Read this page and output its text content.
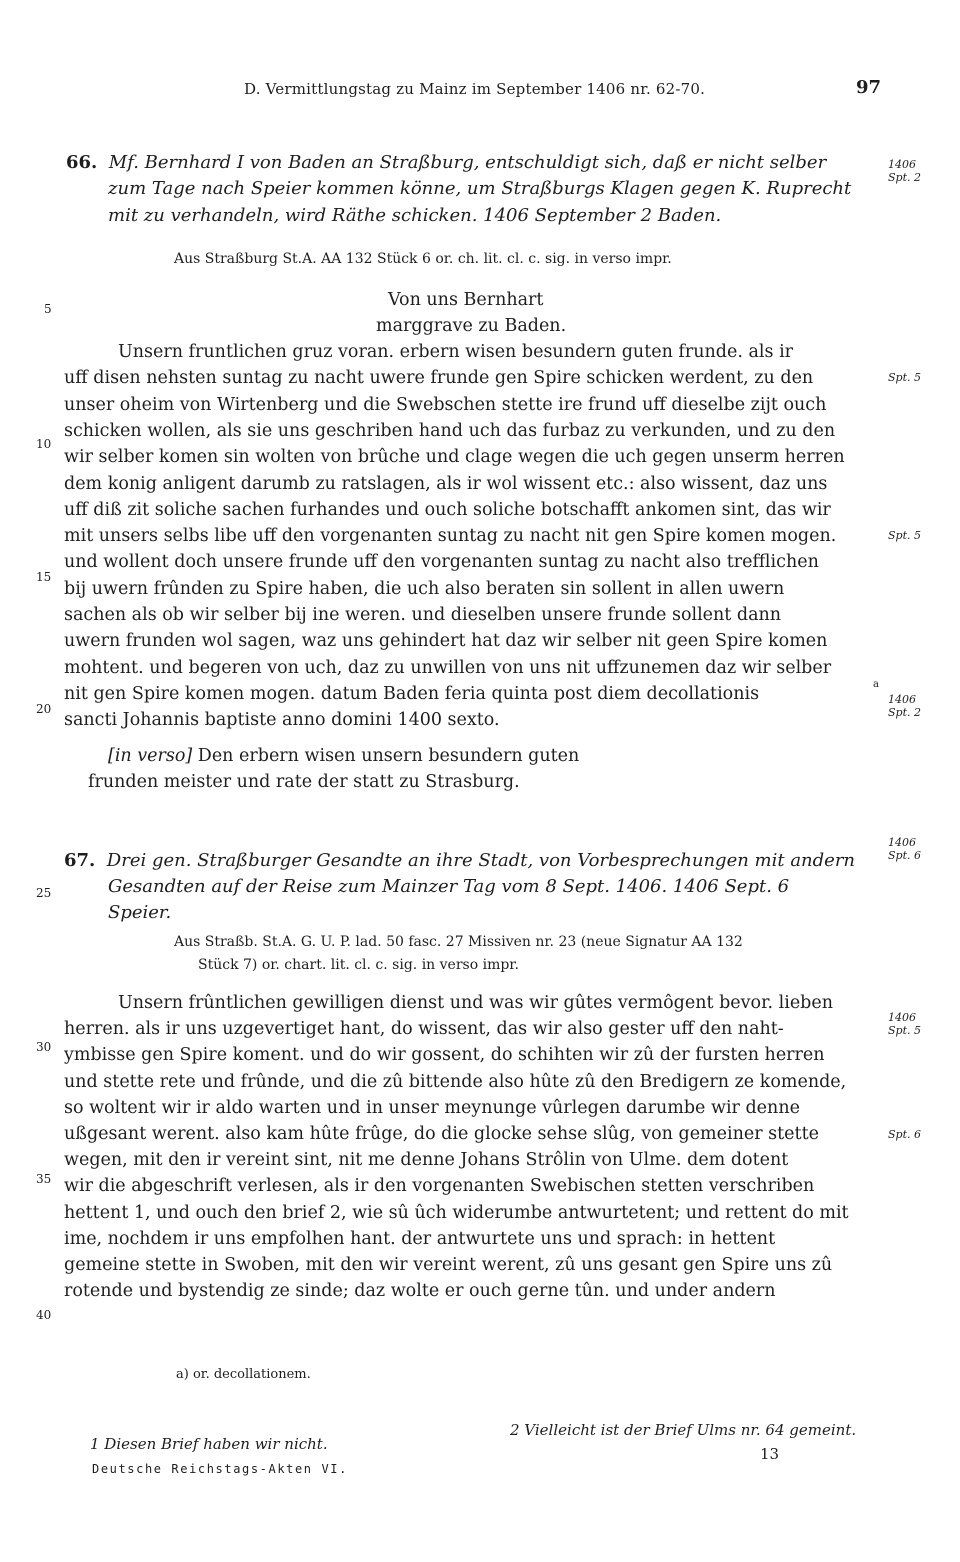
D. Vermittlungstag zu Mainz im September 1406 nr. 62-70.	97
66. Mf. Bernhard I von Baden an Straßburg, entschuldigt sich, daß er nicht selber
zum Tage nach Speier kommen könne, um Straßburgs Klagen gegen K. Ruprecht
mit zu verhandeln, wird Räthe schicken. 1406 September 2 Baden.
Aus Straßburg St.A. AA 132 Stück 6 or. ch. lit. cl. c. sig. in verso impr.
Von uns Bernhart
marggrave zu Baden.
Unsern fruntlichen gruz voran. erbern wisen besundern guten frunde. als ir
uff disen nehsten suntag zu nacht uwere frunde gen Spire schicken werdent, zu den
unser oheim von Wirtenberg und die Swebschen stette ire frund uff dieselbe zijt ouch
schicken wollen, als sie uns geschriben hand uch das furbaz zu verkunden, und zu den
wir selber komen sin wolten von brûche und clage wegen die uch gegen unserm herren
dem konig anligent darumb zu ratslagen, als ir wol wissent etc.: also wissent, daz uns
uff diß zit soliche sachen furhandes und ouch soliche botschafft ankomen sint, das wir
mit unsers selbs libe uff den vorgenanten suntag zu nacht nit gen Spire komen mogen.
und wollent doch unsere frunde uff den vorgenanten suntag zu nacht also trefflichen
bij uwern frûnden zu Spire haben, die uch also beraten sin sollent in allen uwern
sachen als ob wir selber bij ine weren. und dieselben unsere frunde sollent dann
uwern frunden wol sagen, waz uns gehindert hat daz wir selber nit geen Spire komen
mohtent. und begeren von uch, daz zu unwillen von uns nit uffzunemen daz wir selber
nit gen Spire komen mogen. datum Baden feria quinta post diem decollationis
sancti Johannis baptiste anno domini 1400 sexto.
a
[in verso] Den erbern wisen unsern besundern guten
frunden meister und rate der statt zu Strasburg.
67. Drei gen. Straßburger Gesandte an ihre Stadt, von Vorbesprechungen mit andern
Gesandten auf der Reise zum Mainzer Tag vom 8 Sept. 1406. 1406 Sept. 6
Speier.
Aus Straßb. St.A. G. U. P. lad. 50 fasc. 27 Missiven nr. 23 (neue Signatur AA 132
Stück 7) or. chart. lit. cl. c. sig. in verso impr.
Unsern frûntlichen gewilligen dienst und was wir gûtes vermôgent bevor. lieben
herren. als ir uns uzgevertiget hant, do wissent, das wir also gester uff den naht-
ymbisse gen Spire koment. und do wir gossent, do schihten wir zû der fursten herren
und stette rete und frûnde, und die zû bittende also hûte zû den Bredigern ze komende,
so woltent wir ir aldo warten und in unser meynunge vûrlegen darumbe wir denne
ußgesant werent. also kam hûte frûge, do die glocke sehse slûg, von gemeiner stette
wegen, mit den ir vereint sint, nit me denne Johans Strôlin von Ulme. dem dotent
wir die abgeschrift verlesen, als ir den vorgenanten Swebischen stetten verschriben
hettent 1, und ouch den brief 2, wie sû ûch widerumbe antwurtetent; und rettent do mit
ime, nochdem ir uns empfolhen hant. der antwurtete uns und sprach: in hettent
gemeine stette in Swoben, mit den wir vereint werent, zû uns gesant gen Spire uns zû
rotende und bystendig ze sinde; daz wolte er ouch gerne tûn. und under andern
5
10
15
20
25
30
35
40
1406
Spt. 2
Spt. 5
Spt. 5
1406
Spt. 2
1406
Spt. 6
1406
Spt. 5
Spt. 6
a) or. decollationem.
1 Diesen Brief haben wir nicht.
2 Vielleicht ist der Brief Ulms nr. 64 gemeint.
Deutsche Reichstags-Akten VI.
13
